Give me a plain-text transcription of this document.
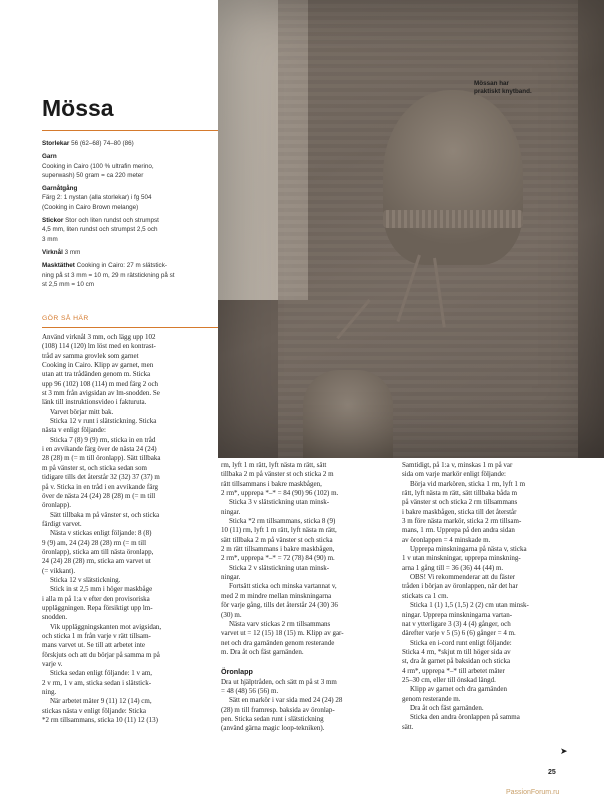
Mössan har
praktiskt knytband.

Mössa

Storlekar 56 (62–68) 74–80 (86)

Garn
Cooking in Cairo (100 % ultrafin merino,
superwash) 50 gram = ca 220 meter

Garnåtgång
Färg 2: 1 nystan (alla storlekar) i fg 504
(Cooking in Cairo Brown melange)

Stickor Stor och liten rundst och strumpst
4,5 mm, liten rundst och strumpst 2,5 och
3 mm

Virknål 3 mm

Masktäthet Cooking in Cairo: 27 m slätstick-
ning på st 3 mm = 10 m, 29 m rätstickning på st
st 2,5 mm = 10 cm

GÖR SÅ HÄR

Använd virknål 3 mm, och lägg upp 102

(108) 114 (120) lm löst med en kontrast-

tråd av samma grovlek som garnet

Cooking in Cairo. Klipp av garnet, men

utan att tra trådänden genom m. Sticka

upp 96 (102) 108 (114) m med färg 2 och

st 3 mm från avigsidan av lm-snodden. Se

länk till instruktionsvideo i fakturuta.

Varvet börjar mitt bak.

Sticka 12 v runt i slätstickning. Sticka

nästa v enligt följande:

Sticka 7 (8) 9 (9) rm, sticka in en tråd

i en avvikande färg över de nästa 24 (24)

28 (28) m (= m till öronlapp). Sätt tillbaka

m på vänster st, och sticka sedan som

tidigare tills det återstår 32 (32) 37 (37) m

på v. Sticka in en tråd i en avvikande färg

över de nästa 24 (24) 28 (28) m (= m till

öronlapp).

Sätt tillbaka m på vänster st, och sticka

färdigt varvet.

Nästa v stickas enligt följande: 8 (8)

9 (9) am, 24 (24) 28 (28) rm (= m till

öronlapp), sticka am till nästa öronlapp,

24 (24) 28 (28) rm, sticka am varvet ut

(= vikkant).

Sticka 12 v slätstickning.

Stick in st 2,5 mm i höger maskbåge

i alla m på 1:a v efter den provisoriska

uppläggningen. Repa försiktigt upp lm-

snodden.

Vik uppläggningskanten mot avigsidan,

och sticka 1 m från varje v rätt tillsam-

mans varvet ut. Se till att arbetet inte

förskjuts och att du börjar på samma m på

varje v.

Sticka sedan enligt följande: 1 v am,

2 v rm, 1 v am, sticka sedan i slätstick-

ning.

När arbetet mäter 9 (11) 12 (14) cm,

stickas nästa v enligt följande: Sticka

*2 rm tillsammans, sticka 10 (11) 12 (13)

rm, lyft 1 m rätt, lyft nästa m rätt, sätt

tillbaka 2 m på vänster st och sticka 2 m

rätt tillsammans i bakre maskbågen,

2 rm*, upprepa *–* = 84 (90) 96 (102) m.

Sticka 3 v slätstickning utan minsk-

ningar.

Sticka *2 rm tillsammans, sticka 8 (9)

10 (11) rm, lyft 1 m rätt, lyft nästa m rätt,

sätt tillbaka 2 m på vänster st och sticka

2 m rätt tillsammans i bakre maskbågen,

2 rm*, upprepa *–* = 72 (78) 84 (90) m.

Sticka 2 v slätstickning utan minsk-

ningar.

Fortsätt sticka och minska vartannat v,

med 2 m mindre mellan minskningarna

för varje gång, tills det återstår 24 (30) 36

(30) m.

Nästa varv stickas 2 rm tillsammans

varvet ut = 12 (15) 18 (15) m. Klipp av gar-

net och dra garnänden genom resterande

m. Dra åt och fäst garnänden.

Öronlapp

Dra ut hjälptråden, och sätt m på st 3 mm

= 48 (48) 56 (56) m.

Sätt en markör i var sida med 24 (24) 28

(28) m till framresp. baksida av öronlap-

pen. Sticka sedan runt i slätstickning

(använd gärna magic loop-tekniken).

Samtidigt, på 1:a v, minskas 1 m på var

sida om varje markör enligt följande:

Börja vid markören, sticka 1 rm, lyft 1 m

rätt, lyft nästa m rätt, sätt tillbaka båda m

på vänster st och sticka 2 rm tillsammans

i bakre maskbågen, sticka till det återstår

3 m före nästa markör, sticka 2 rm tillsam-

mans, 1 rm. Upprepa på den andra sidan

av öronlappen = 4 minskade m.

Upprepa minskningarna på nästa v, sticka

1 v utan minskningar, upprepa minskning-

arna 1 gång till = 36 (36) 44 (44) m.

OBS! Vi rekommenderar att du fäster

tråden i början av öronlappen, när det har

stickats ca 1 cm.

Sticka 1 (1) 1,5 (1,5) 2 (2) cm utan minsk-

ningar. Upprepa minskningarna vartan-

nat v ytterligare 3 (3) 4 (4) gånger, och

därefter varje v 5 (5) 6 (6) gånger = 4 m.

Sticka en i-cord runt enligt följande:

Sticka 4 rm, *skjut m till höger sida av

st, dra åt garnet på baksidan och sticka

4 rm*, upprepa *–* till arbetet mäter

25–30 cm, eller till önskad längd.

Klipp av garnet och dra garnänden

genom resterande m.

Dra åt och fäst garnänden.

Sticka den andra öronlappen på samma

sätt.

➤
25
PassionForum.ru
